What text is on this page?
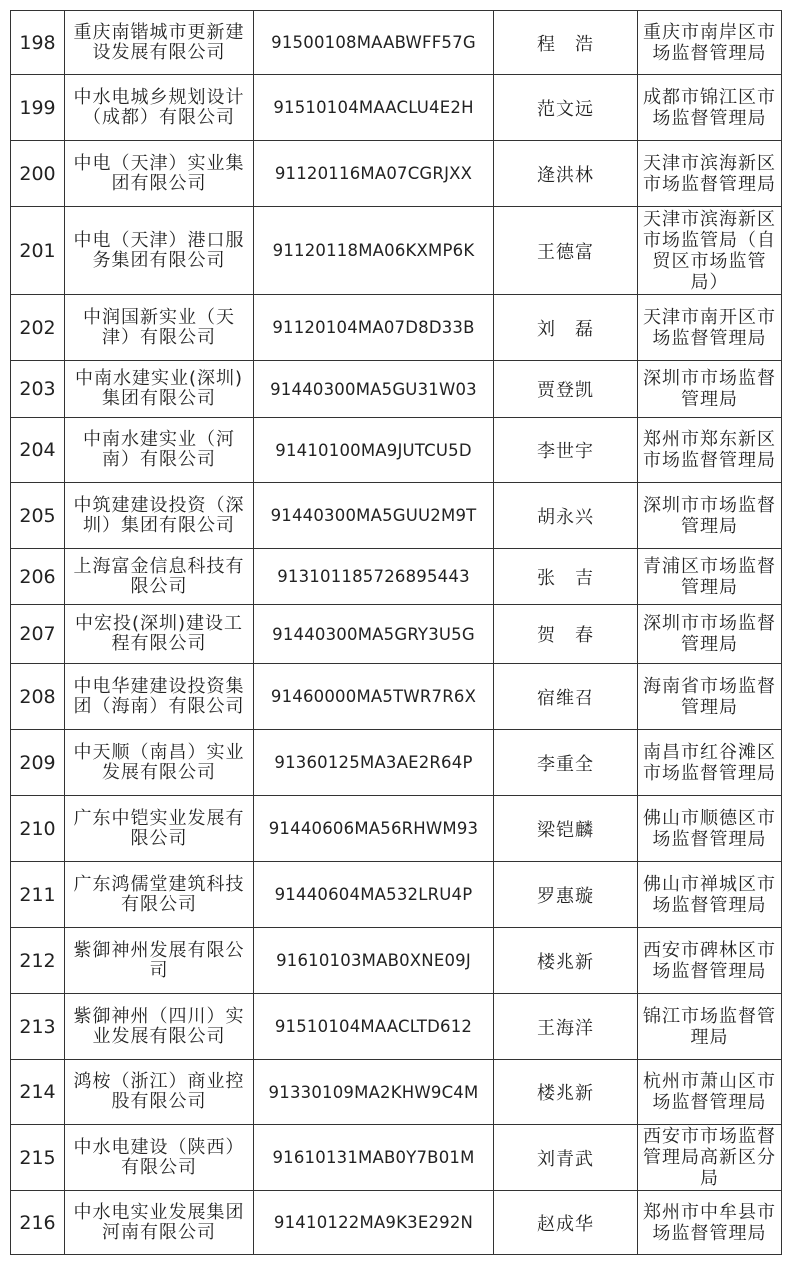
198	重庆南锴城市更新建设发展有限公司	91500108MAABWFF57G	程　浩	重庆市南岸区市场监督管理局
199	中水电城乡规划设计（成都）有限公司	91510104MAACLU4E2H	范文远	成都市锦江区市场监督管理局
200	中电（天津）实业集团有限公司	91120116MA07CGRJXX	逄洪林	天津市滨海新区市场监督管理局
201	中电（天津）港口服务集团有限公司	91120118MA06KXMP6K	王德富	天津市滨海新区市场监管局（自贸区市场监管局）
202	中润国新实业（天津）有限公司	91120104MA07D8D33B	刘　磊	天津市南开区市场监督管理局
203	中南水建实业(深圳)集团有限公司	91440300MA5GU31W03	贾登凯	深圳市市场监督管理局
204	中南水建实业（河南）有限公司	91410100MA9JUTCU5D	李世宇	郑州市郑东新区市场监督管理局
205	中筑建建设投资（深圳）集团有限公司	91440300MA5GUU2M9T	胡永兴	深圳市市场监督管理局
206	上海富金信息科技有限公司	913101185726895443	张　吉	青浦区市场监督管理局
207	中宏投(深圳)建设工程有限公司	91440300MA5GRY3U5G	贺　春	深圳市市场监督管理局
208	中电华建建设投资集团（海南）有限公司	91460000MA5TWR7R6X	宿维召	海南省市场监督管理局
209	中天顺（南昌）实业发展有限公司	91360125MA3AE2R64P	李重全	南昌市红谷滩区市场监督管理局
210	广东中铠实业发展有限公司	91440606MA56RHWM93	梁铠麟	佛山市顺德区市场监督管理局
211	广东鸿儒堂建筑科技有限公司	91440604MA532LRU4P	罗惠璇	佛山市禅城区市场监督管理局
212	紫御神州发展有限公司	91610103MAB0XNE09J	楼兆新	西安市碑林区市场监督管理局
213	紫御神州（四川）实业发展有限公司	91510104MAACLTD612	王海洋	锦江市场监督管理局
214	鸿桉（浙江）商业控股有限公司	91330109MA2KHW9C4M	楼兆新	杭州市萧山区市场监督管理局
215	中水电建设（陕西）有限公司	91610131MAB0Y7B01M	刘青武	西安市市场监督管理局高新区分局
216	中水电实业发展集团河南有限公司	91410122MA9K3E292N	赵成华	郑州市中牟县市场监督管理局
